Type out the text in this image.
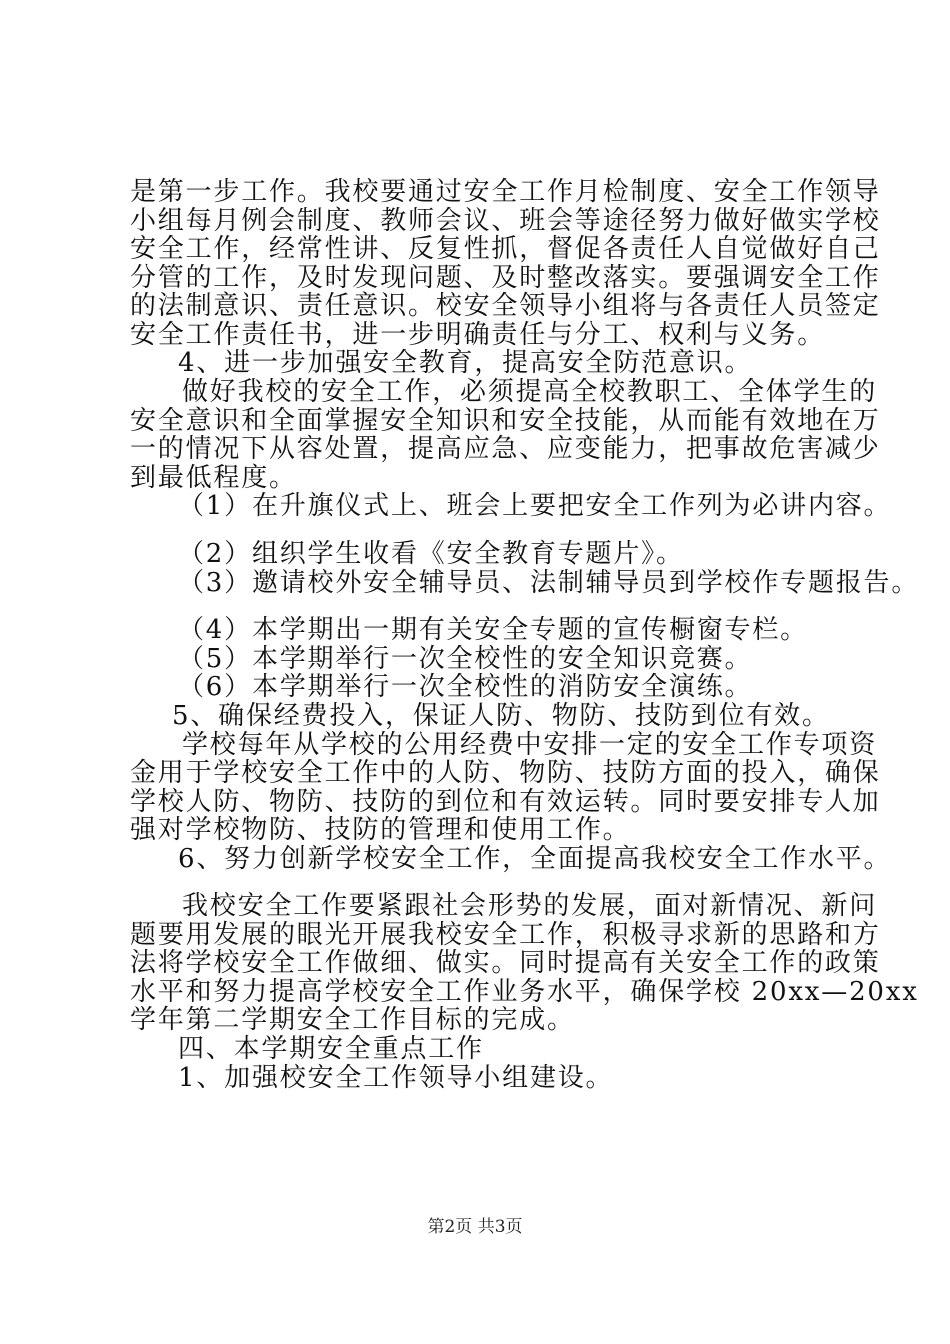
是第一步工作。我校要通过安全工作月检制度、安全工作领导
小组每月例会制度、教师会议、班会等途径努力做好做实学校
安全工作，经常性讲、反复性抓，督促各责任人自觉做好自己
分管的工作，及时发现问题、及时整改落实。要强调安全工作
的法制意识、责任意识。校安全领导小组将与各责任人员签定
安全工作责任书，进一步明确责任与分工、权利与义务。
4、进一步加强安全教育，提高安全防范意识。
做好我校的安全工作，必须提高全校教职工、全体学生的
安全意识和全面掌握安全知识和安全技能，从而能有效地在万
一的情况下从容处置，提高应急、应变能力，把事故危害减少
到最低程度。
（1）在升旗仪式上、班会上要把安全工作列为必讲内容。
（2）组织学生收看《安全教育专题片》。
（3）邀请校外安全辅导员、法制辅导员到学校作专题报告。
（4）本学期出一期有关安全专题的宣传橱窗专栏。
（5）本学期举行一次全校性的安全知识竞赛。
（6）本学期举行一次全校性的消防安全演练。
5、确保经费投入，保证人防、物防、技防到位有效。
学校每年从学校的公用经费中安排一定的安全工作专项资
金用于学校安全工作中的人防、物防、技防方面的投入，确保
学校人防、物防、技防的到位和有效运转。同时要安排专人加
强对学校物防、技防的管理和使用工作。
6、努力创新学校安全工作，全面提高我校安全工作水平。
我校安全工作要紧跟社会形势的发展，面对新情况、新问
题要用发展的眼光开展我校安全工作，积极寻求新的思路和方
法将学校安全工作做细、做实。同时提高有关安全工作的政策
水平和努力提高学校安全工作业务水平，确保学校 20xx—20xx
学年第二学期安全工作目标的完成。
四、本学期安全重点工作
1、加强校安全工作领导小组建设。
第2页 共3页
